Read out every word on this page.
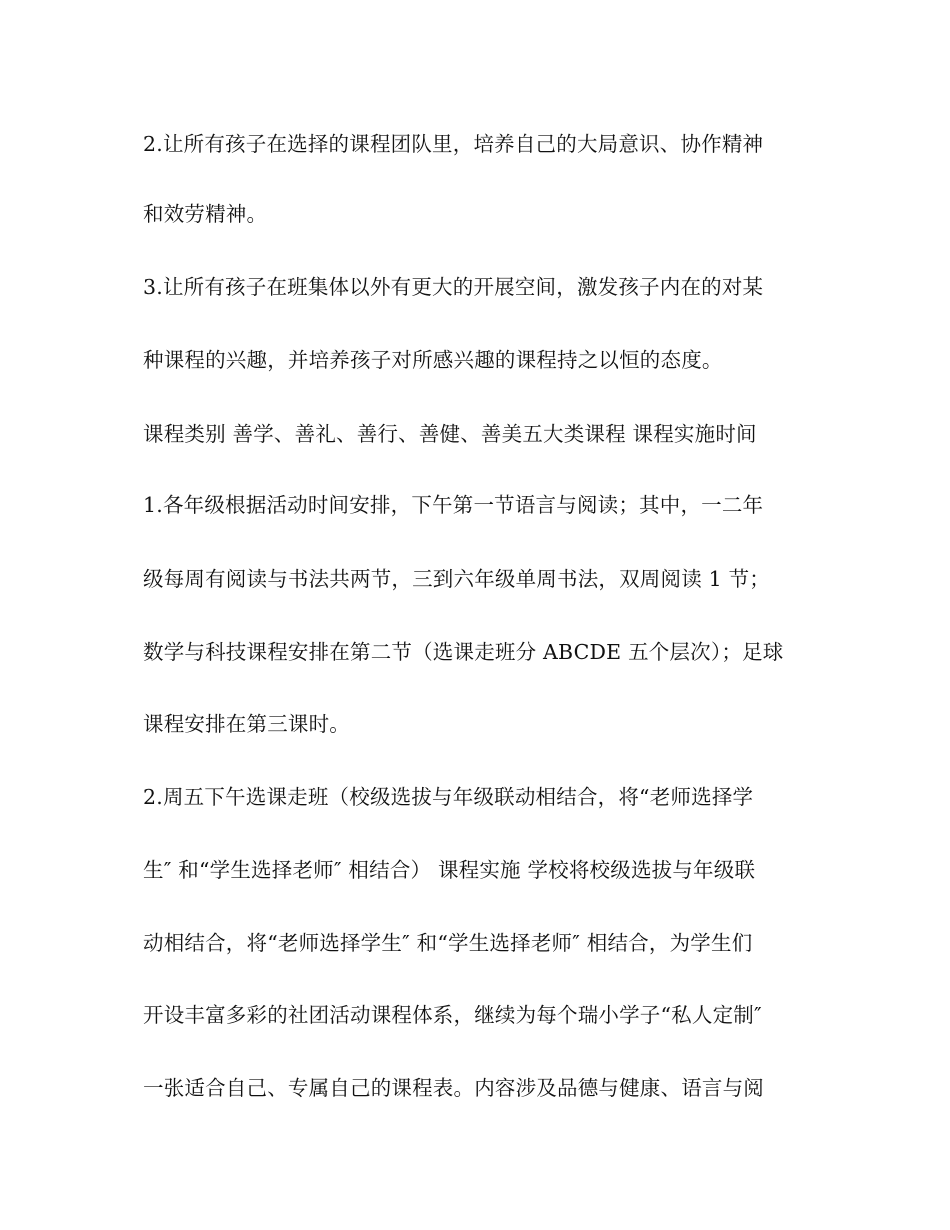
2.让所有孩子在选择的课程团队里，培养自己的大局意识、协作精神
和效劳精神。
3.让所有孩子在班集体以外有更大的开展空间，激发孩子内在的对某
种课程的兴趣，并培养孩子对所感兴趣的课程持之以恒的态度。
课程类别 善学、善礼、善行、善健、善美五大类课程 课程实施时间
1.各年级根据活动时间安排，下午第一节语言与阅读；其中，一二年
级每周有阅读与书法共两节，三到六年级单周书法，双周阅读 1 节；
数学与科技课程安排在第二节（选课走班分 ABCDE 五个层次）；足球
课程安排在第三课时。
2.周五下午选课走班（校级选拔与年级联动相结合，将“老师选择学
生″ 和“学生选择老师″ 相结合） 课程实施 学校将校级选拔与年级联
动相结合，将“老师选择学生″ 和“学生选择老师″ 相结合，为学生们
开设丰富多彩的社团活动课程体系，继续为每个瑞小学子“私人定制″
一张适合自己、专属自己的课程表。内容涉及品德与健康、语言与阅
